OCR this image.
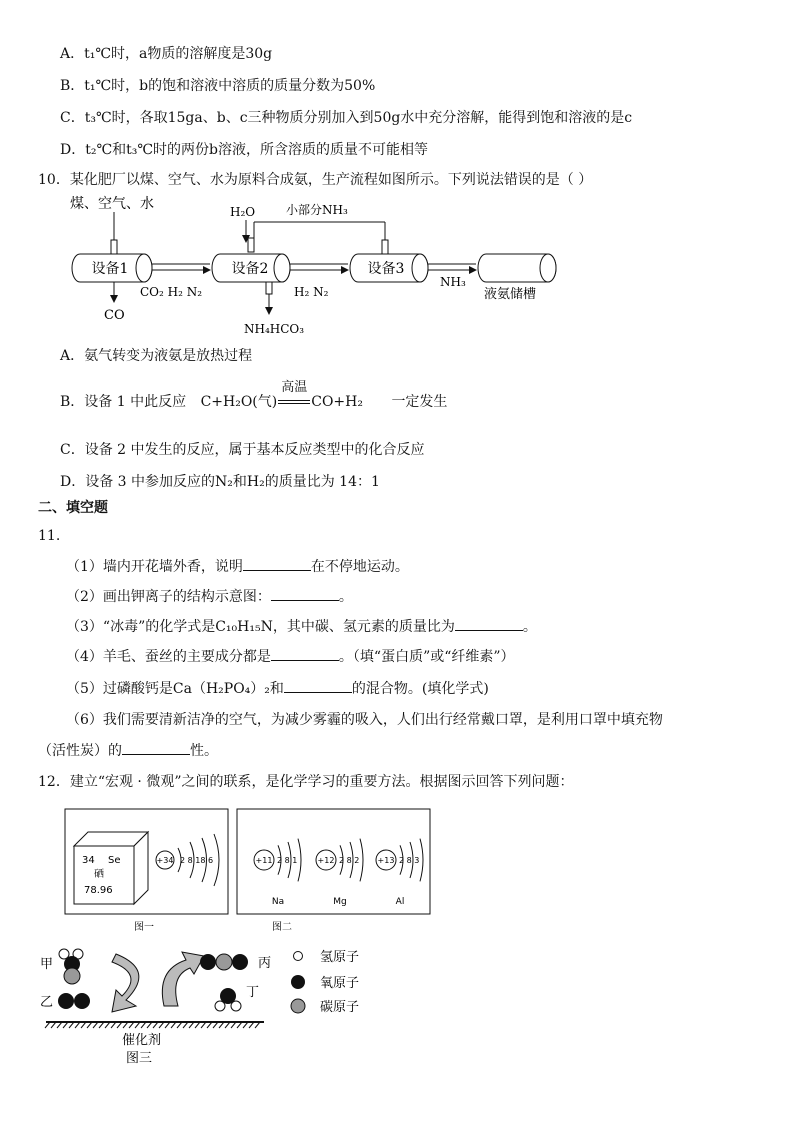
A．t₁℃时，a物质的溶解度是30g
B．t₁℃时，b的饱和溶液中溶质的质量分数为50%
C．t₃℃时，各取15ga、b、c三种物质分别加入到50g水中充分溶解，能得到饱和溶液的是c
D．t₂℃和t₃℃时的两份b溶液，所含溶质的质量不可能相等
10．某化肥厂以煤、空气、水为原料合成氨，生产流程如图所示。下列说法错误的是（ ）
煤、空气、水
设备1
CO
CO₂ H₂ N₂
H₂O	小部分NH₃
设备2
NH₄HCO₃
H₂ N₂
设备3
NH₃
液氨储槽
A．氨气转变为液氨是放热过程
B．设备 1 中此反应 C+H₂O(气)
高温
CO+H₂ 一定发生
C．设备 2 中发生的反应，属于基本反应类型中的化合反应
D．设备 3 中参加反应的N₂和H₂的质量比为 14：1
二、填空题
11.
（1）墙内开花墙外香，说明	在不停地运动。
（2）画出钾离子的结构示意图：	。
（3）“冰毒”的化学式是C₁₀H₁₅N，其中碳、氢元素的质量比为	。
（4）羊毛、蚕丝的主要成分都是	。（填“蛋白质”或“纤维素”）
（5）过磷酸钙是Ca（H₂PO₄）₂和	的混合物。(填化学式)
（6）我们需要清新洁净的空气，为减少雾霾的吸入，人们出行经常戴口罩，是利用口罩中填充物
（活性炭）的	性。
12．建立“宏观 · 微观”之间的联系，是化学学习的重要方法。根据图示回答下列问题：
34 Se
硒
78.96
+34 2 8 18 6
图一
+11 2 8 1
Na
+12 2 8 2
Mg
+13 2 8 3
Al
图二
甲
乙
丙
丁
催化剂
图三
氢原子
氧原子
碳原子
